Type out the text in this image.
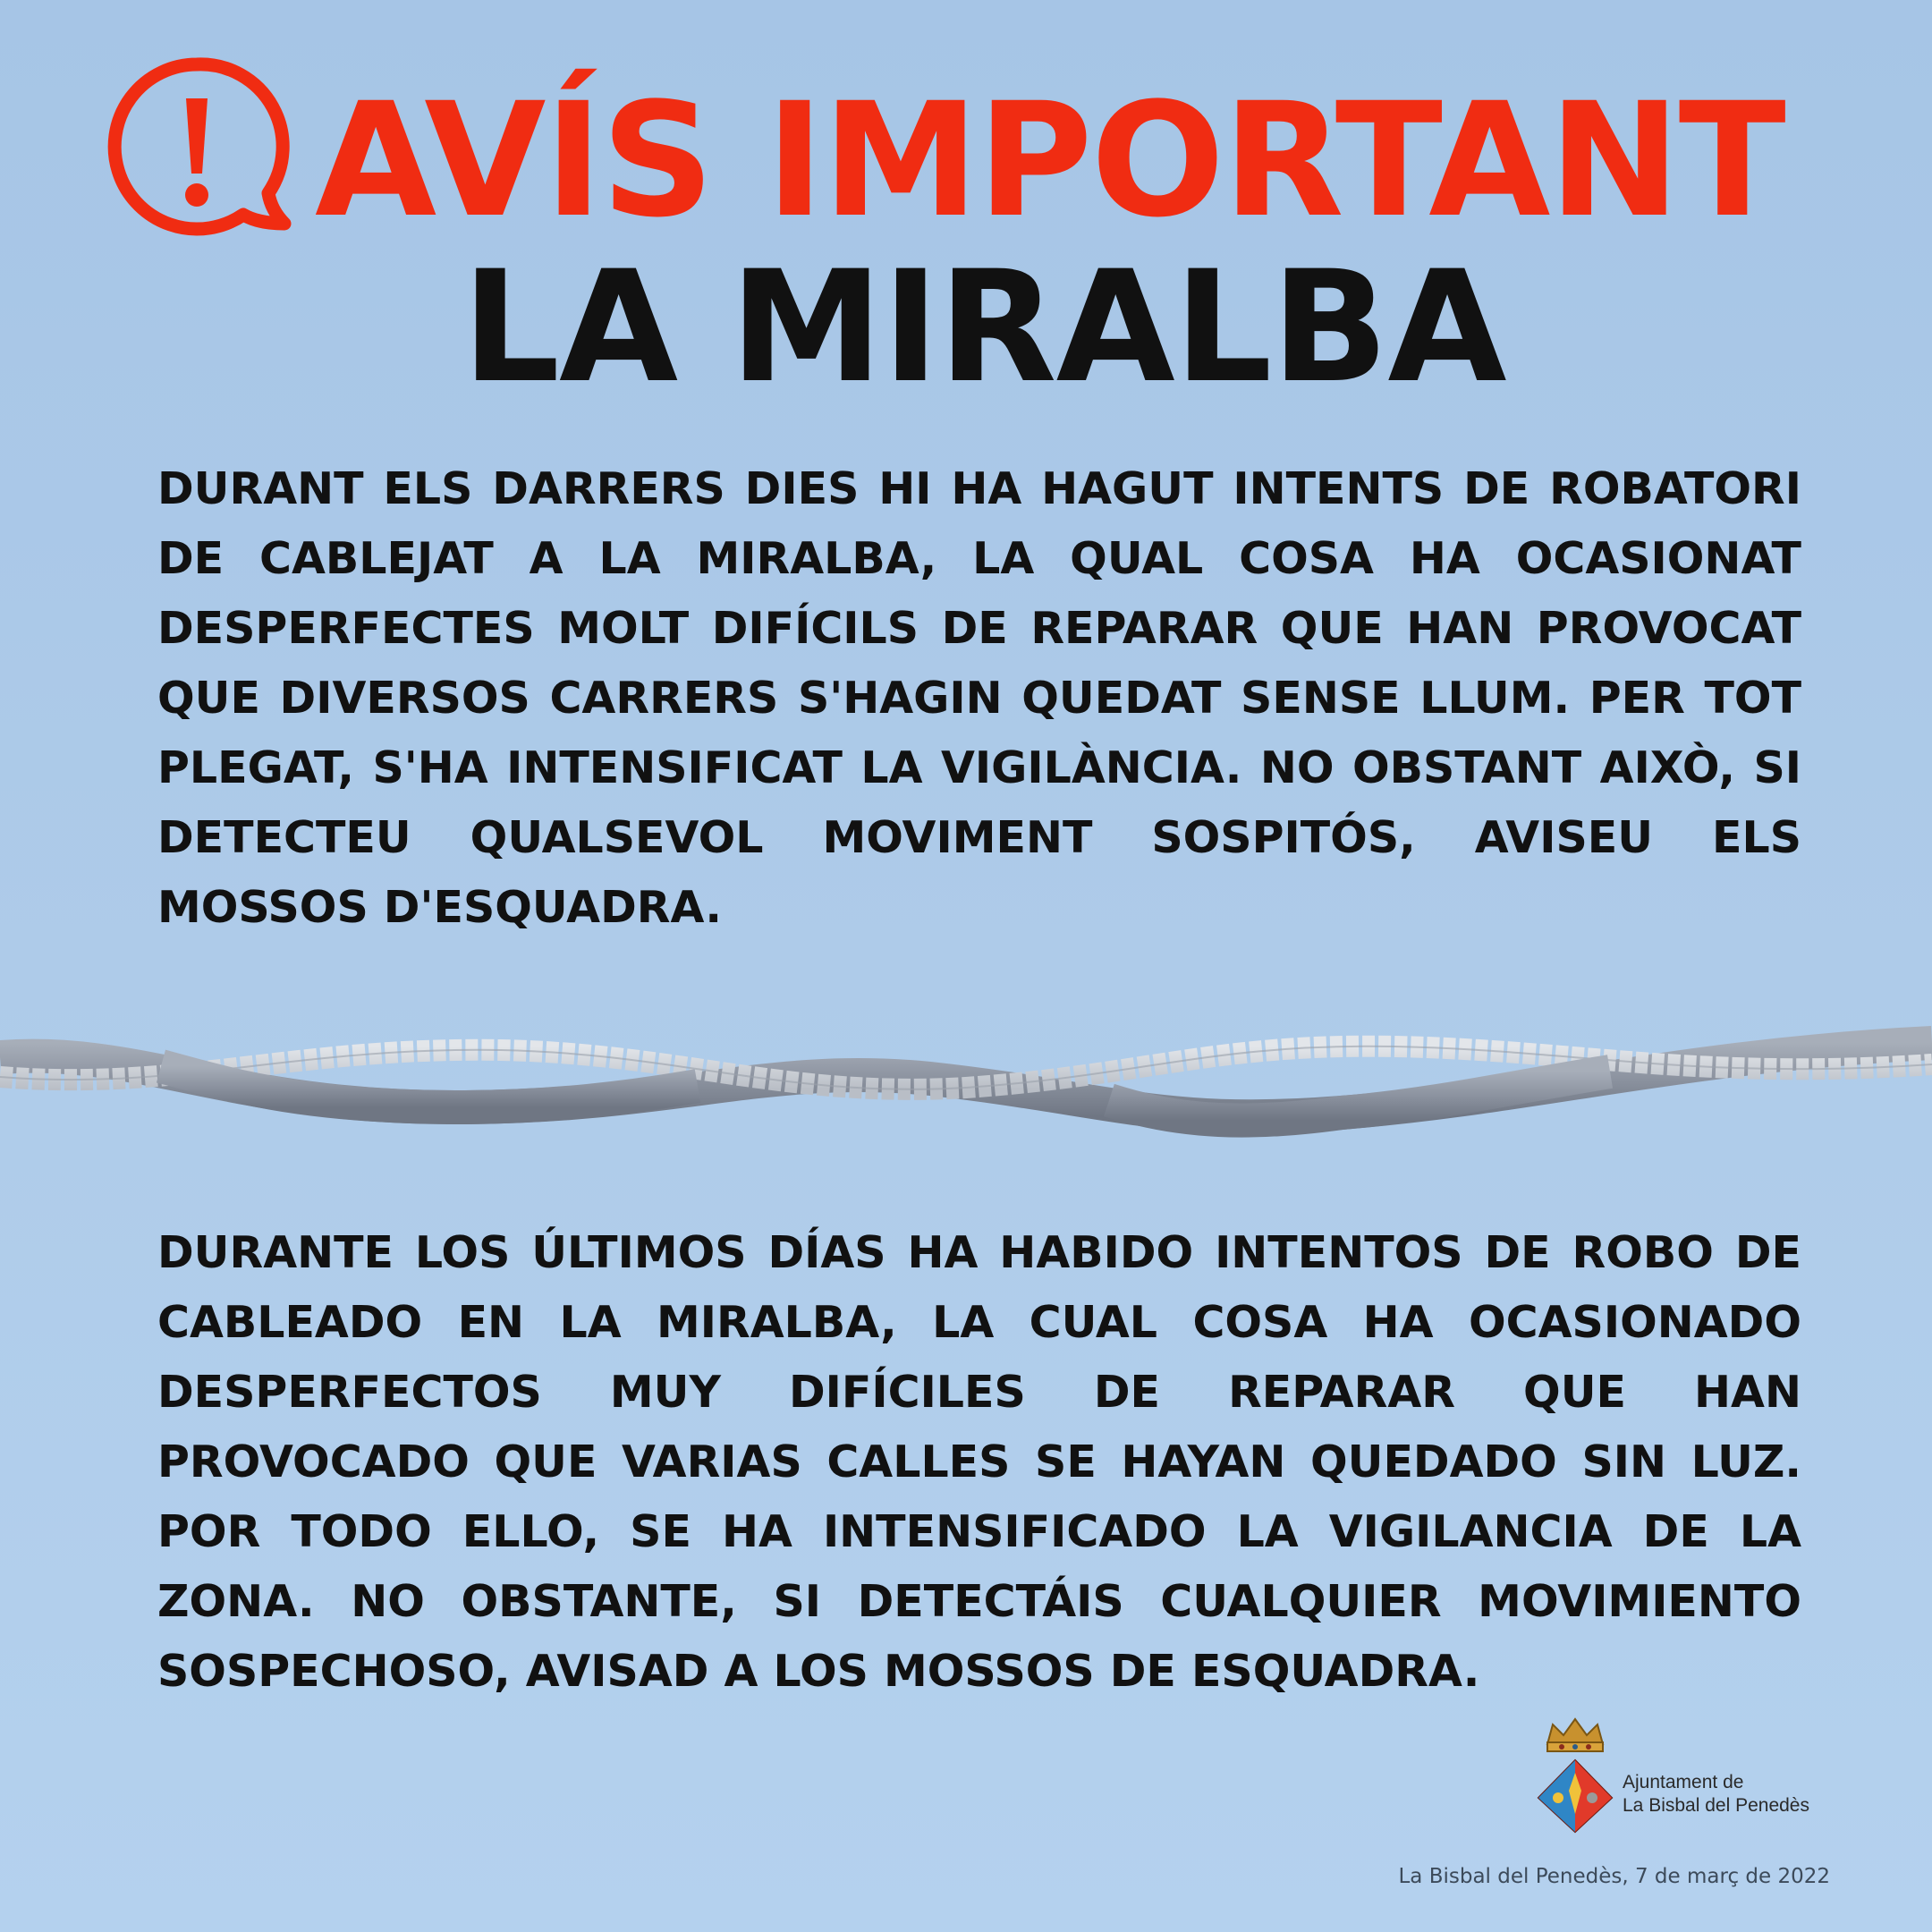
AVÍS IMPORTANT
LA MIRALBA

DURANT ELS DARRERS DIES HI HA HAGUT INTENTS DE ROBATORI DE CABLEJAT A LA MIRALBA, LA QUAL COSA HA OCASIONAT DESPERFECTES MOLT DIFÍCILS DE REPARAR QUE HAN PROVOCAT QUE DIVERSOS CARRERS S'HAGIN QUEDAT SENSE LLUM. PER TOT PLEGAT, S'HA INTENSIFICAT LA VIGILÀNCIA. NO OBSTANT AIXÒ, SI DETECTEU QUALSEVOL MOVIMENT SOSPITÓS, AVISEU ELS MOSSOS D'ESQUADRA.

DURANTE LOS ÚLTIMOS DÍAS HA HABIDO INTENTOS DE ROBO DE CABLEADO EN LA MIRALBA, LA CUAL COSA HA OCASIONADO DESPERFECTOS MUY DIFÍCILES DE REPARAR QUE HAN PROVOCADO QUE VARIAS CALLES SE HAYAN QUEDADO SIN LUZ. POR TODO ELLO, SE HA INTENSIFICADO LA VIGILANCIA DE LA ZONA. NO OBSTANTE, SI DETECTÁIS CUALQUIER MOVIMIENTO SOSPECHOSO, AVISAD A LOS MOSSOS DE ESQUADRA.

Ajuntament de
La Bisbal del Penedès
La Bisbal del Penedès, 7 de març de 2022
